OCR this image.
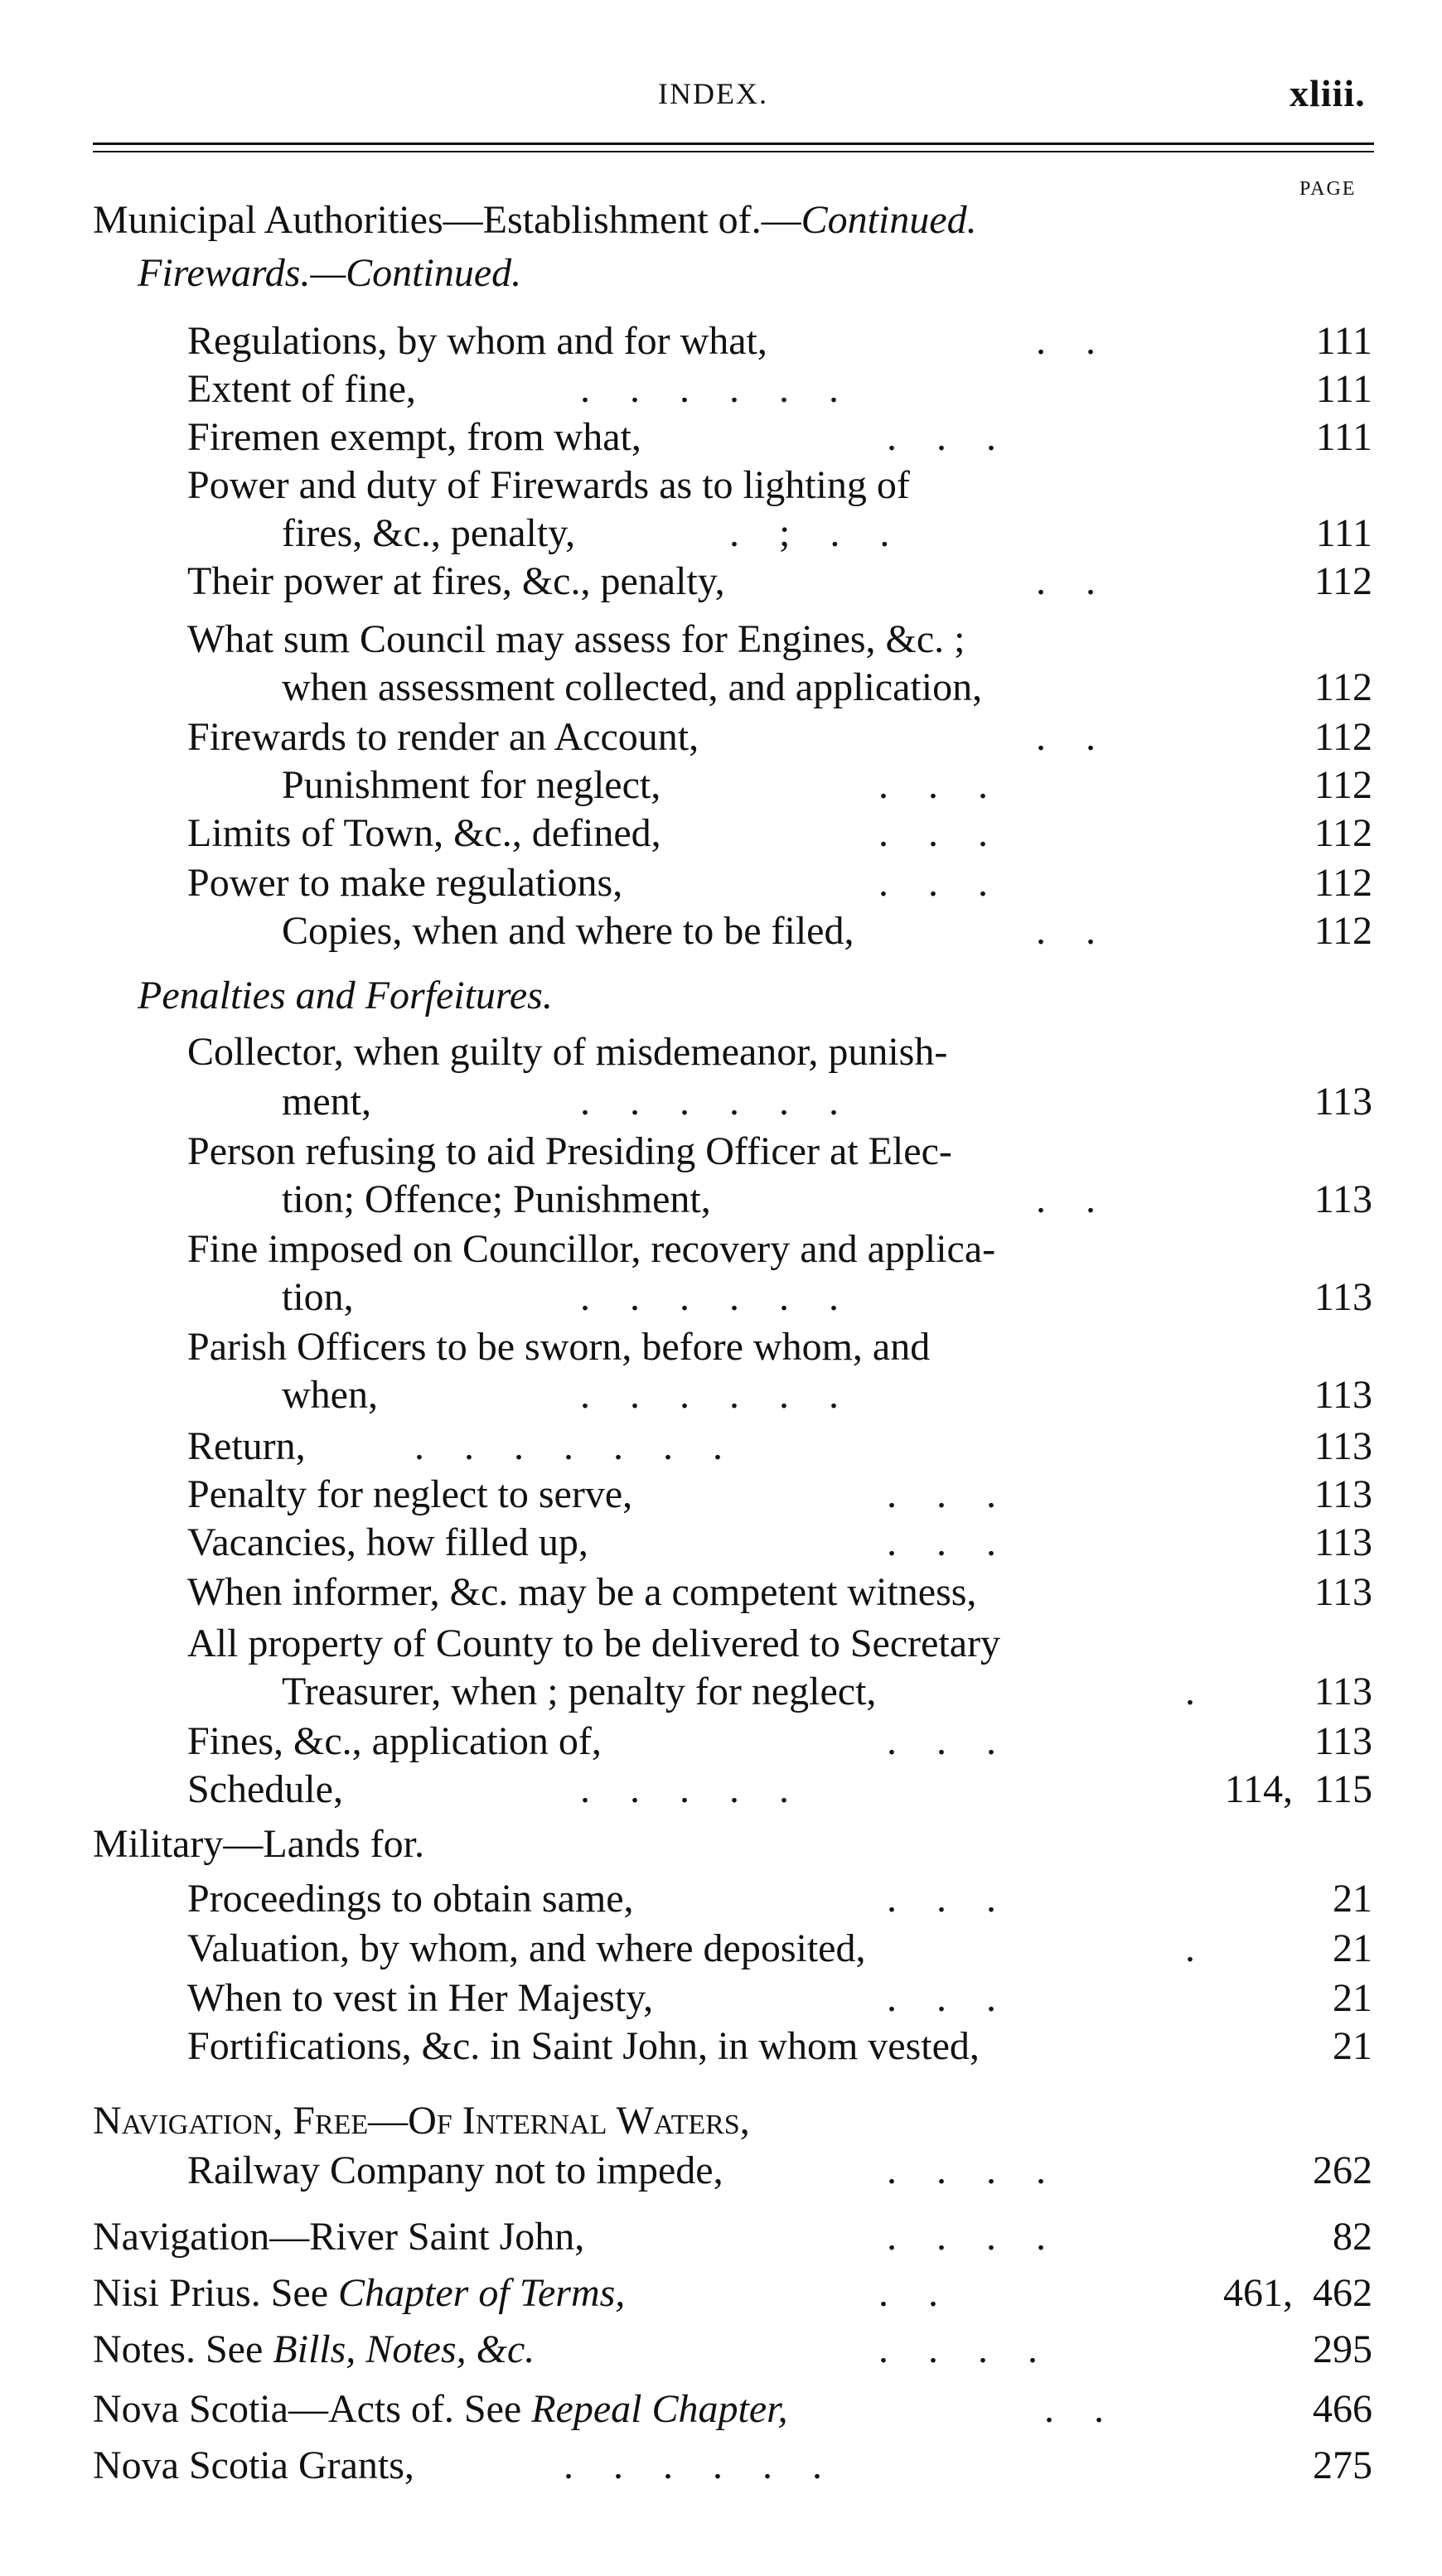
INDEX.	xliii.
PAGE
Municipal Authorities—Establishment of.—Continued.
Firewards.—Continued.
Regulations, by whom and for what,	.    .	111
Extent of fine,	.    .    .    .    .    .	111
Firemen exempt, from what,	.    .    .	111
Power and duty of Firewards as to lighting of
fires, &c., penalty,	.    ;    .    .	111
Their power at fires, &c., penalty,	.    .	112
What sum Council may assess for Engines, &c. ;
when assessment collected, and application,	112
Firewards to render an Account,	.    .	112
Punishment for neglect,	.    .    .	112
Limits of Town, &c., defined,	.    .    .	112
Power to make regulations,	.    .    .	112
Copies, when and where to be filed,	.    .	112
Penalties and Forfeitures.
Collector, when guilty of misdemeanor, punish-
ment,	.    .    .    .    .    .	113
Person refusing to aid Presiding Officer at Elec-
tion; Offence; Punishment,	.    .	113
Fine imposed on Councillor, recovery and applica-
tion,	.    .    .    .    .    .	113
Parish Officers to be sworn, before whom, and
when,	.    .    .    .    .    .	113
Return,	.    .    .    .    .    .    .	113
Penalty for neglect to serve,	.    .    .	113
Vacancies, how filled up,	.    .    .	113
When informer, &c. may be a competent witness,	113
All property of County to be delivered to Secretary
Treasurer, when ; penalty for neglect,	.	113
Fines, &c., application of,	.    .    .	113
Schedule,	.    .    .    .    .	114, 115
Military—Lands for.
Proceedings to obtain same,	.    .    .	21
Valuation, by whom, and where deposited,	.	21
When to vest in Her Majesty,	.    .    .	21
Fortifications, &c. in Saint John, in whom vested,	21
Navigation, Free—Of Internal Waters,
Railway Company not to impede,	.    .    .    .	262
Navigation—River Saint John,	.    .    .    .	82
Nisi Prius. See Chapter of Terms,	.    .	461, 462
Notes. See Bills, Notes, &c.	.    .    .    .	295
Nova Scotia—Acts of. See Repeal Chapter,	.    .	466
Nova Scotia Grants,	.    .    .    .    .    .	275
